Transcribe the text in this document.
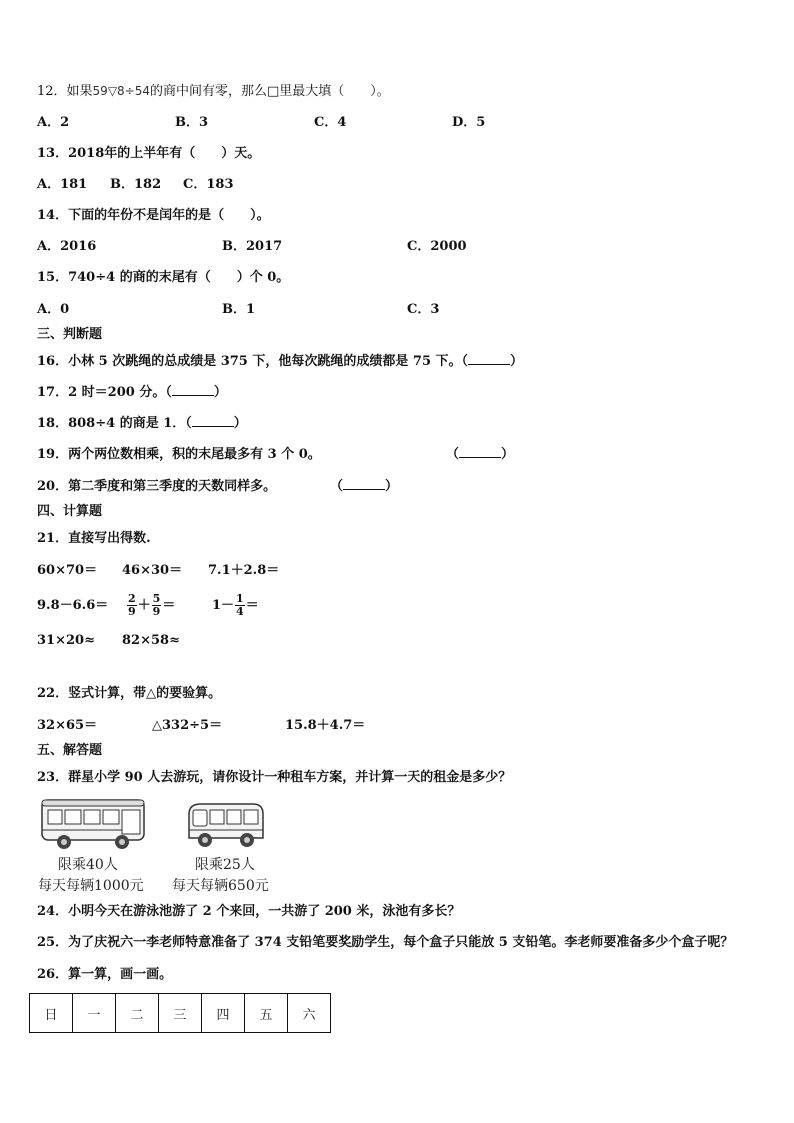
12．如果59▽8÷54的商中间有零，那么□里最大填（　　）。
A．2	B．3	C．4	D．5
13．2018年的上半年有（　　）天。
A．181 B．182 C．183
14．下面的年份不是闰年的是（　　）。
A．2016	B．2017	C．2000
15．740÷4 的商的末尾有（　　）个 0。
A．0	B．1	C．3
三、判断题
16．小林 5 次跳绳的总成绩是 375 下，他每次跳绳的成绩都是 75 下。（	）
17．2 时＝200 分。（	）
18．808÷4 的商是 1．（	）
19．两个两位数相乘，积的末尾最多有 3 个 0。	（	）
20．第二季度和第三季度的天数同样多。	（	）
四、计算题
21．直接写出得数.
60×70＝ 46×30＝ 7.1＋2.8＝
$9.8-6.6= \frac{2}{9} + \frac{5}{9}$ ＝	$1- \frac{1}{4}$ ＝
31×20≈ 82×58≈
22．竖式计算，带△的要验算。
32×65＝	△332÷5＝	15.8＋4.7＝
五、解答题
23．群星小学 90 人去游玩，请你设计一种租车方案，并计算一天的租金是多少？
限乘40人
每天每辆1000元
限乘25人
每天每辆650元
24．小明今天在游泳池游了 2 个来回，一共游了 200 米，泳池有多长？
25．为了庆祝六一李老师特意准备了 374 支铅笔要奖励学生，每个盒子只能放 5 支铅笔。李老师要准备多少个盒子呢？
26．算一算，画一画。
日	一	二	三	四	五	六
